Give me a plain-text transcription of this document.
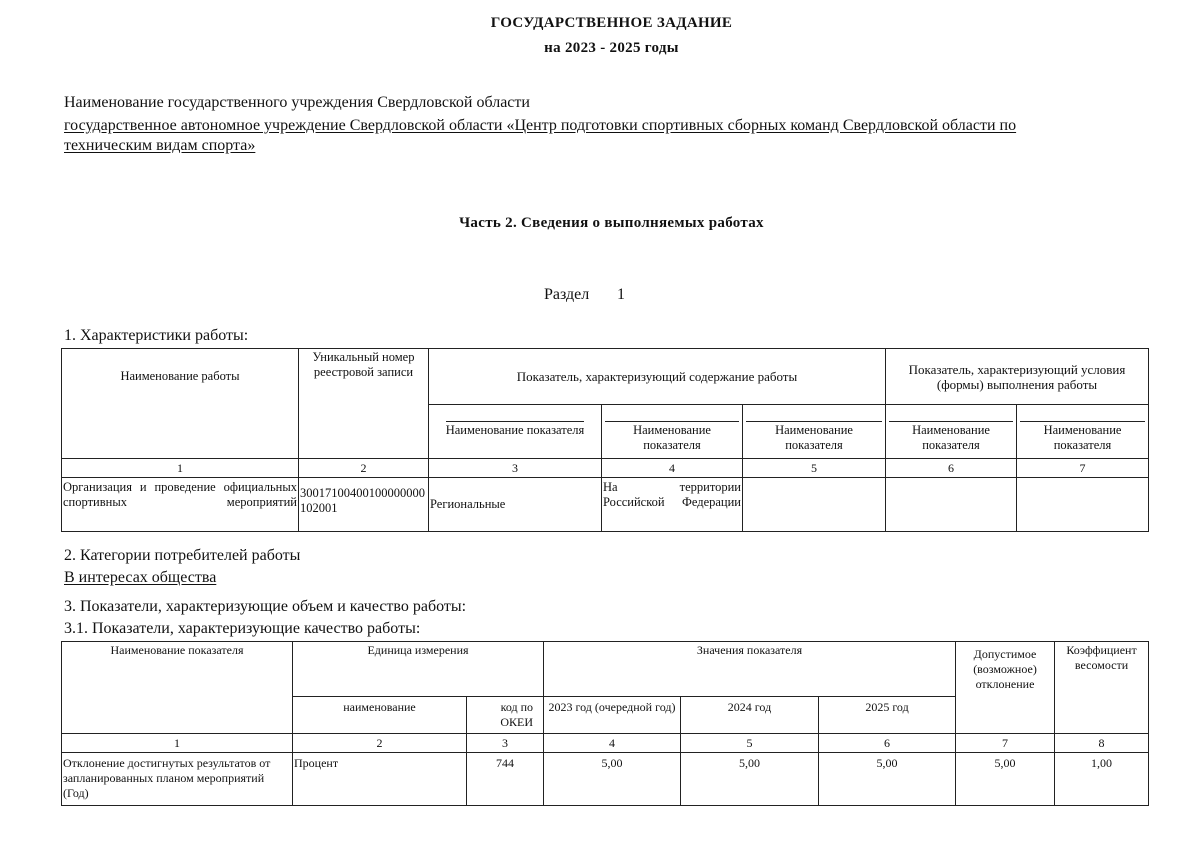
ГОСУДАРСТВЕННОЕ ЗАДАНИЕ
на 2023 - 2025 годы
Наименование государственного учреждения Свердловской области
государственное автономное учреждение Свердловской области «Центр подготовки спортивных сборных команд Свердловской области по
техническим видам спорта»
Часть 2. Сведения о выполняемых работах
Раздел 1
1. Характеристики работы:
Наименование работы	Уникальный номер реестровой записи	Показатель, характеризующий содержание работы			Показатель, характеризующий условия (формы) выполнения работы	
		Наименование показателя	Наименование показателя	Наименование показателя	Наименование показателя	Наименование показателя
1	2	3	4	5	6	7
Организация и проведение официальных спортивных мероприятий	30017100400100000000102001	Региональные	На территории Российской Федерации			
2. Категории потребителей работы
В интересах общества
3. Показатели, характеризующие объем и качество работы:
3.1. Показатели, характеризующие качество работы:
Наименование показателя	Единица измерения		Значения показателя			Допустимое (возможное) отклонение	Коэффициент весомости
	наименование	код по ОКЕИ	2023 год (очередной год)	2024 год	2025 год		
1	2	3	4	5	6	7	8
Отклонение достигнутых результатов от запланированных планом мероприятий (Год)	Процент	744	5,00	5,00	5,00	5,00	1,00
